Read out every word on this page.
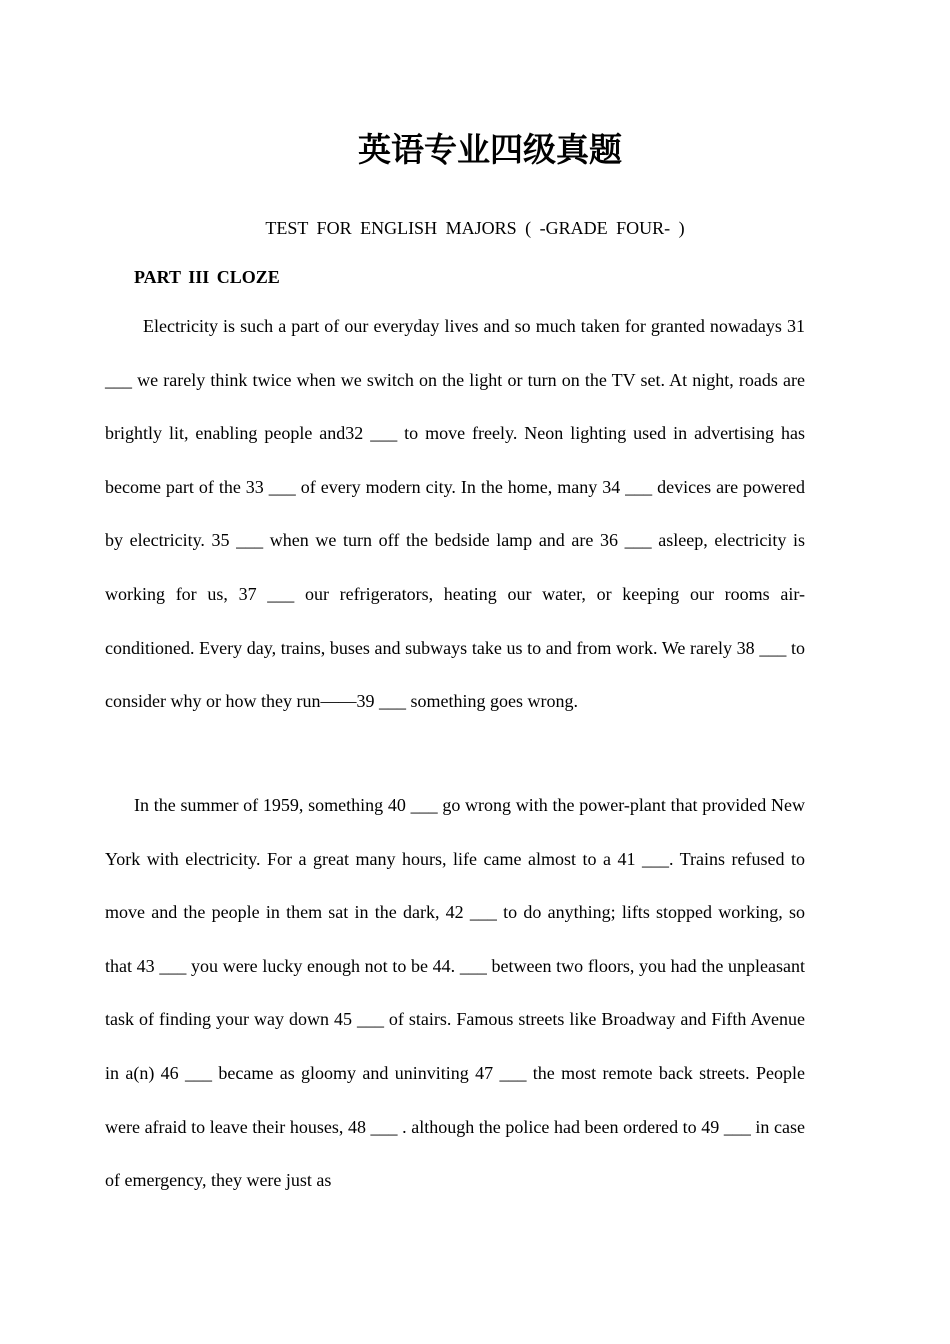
英语专业四级真题
TEST FOR ENGLISH MAJORS ( -GRADE FOUR- )
PART III CLOZE

Electricity is such a part of our everyday lives and so much taken for granted nowadays 31 ___ we rarely think twice when we switch on the light or turn on the TV set. At night, roads are brightly lit, enabling people and32 ___ to move freely. Neon lighting used in advertising has become part of the 33 ___ of every modern city. In the home, many 34 ___ devices are powered by electricity. 35 ___ when we turn off the bedside lamp and are 36 ___ asleep, electricity is working for us, 37 ___ our refrigerators, heating our water, or keeping our rooms air-conditioned. Every day, trains, buses and subways take us to and from work. We rarely 38 ___ to consider why or how they run——39 ___ something goes wrong.

In the summer of 1959, something 40 ___ go wrong with the power-plant that provided New York with electricity. For a great many hours, life came almost to a 41 ___. Trains refused to move and the people in them sat in the dark, 42 ___ to do anything; lifts stopped working, so that 43 ___ you were lucky enough not to be 44. ___ between two floors, you had the unpleasant task of finding your way down 45 ___ of stairs. Famous streets like Broadway and Fifth Avenue in a(n) 46 ___ became as gloomy and uninviting 47 ___ the most remote back streets. People were afraid to leave their houses, 48 ___ . although the police had been ordered to 49 ___ in case of emergency, they were just as
